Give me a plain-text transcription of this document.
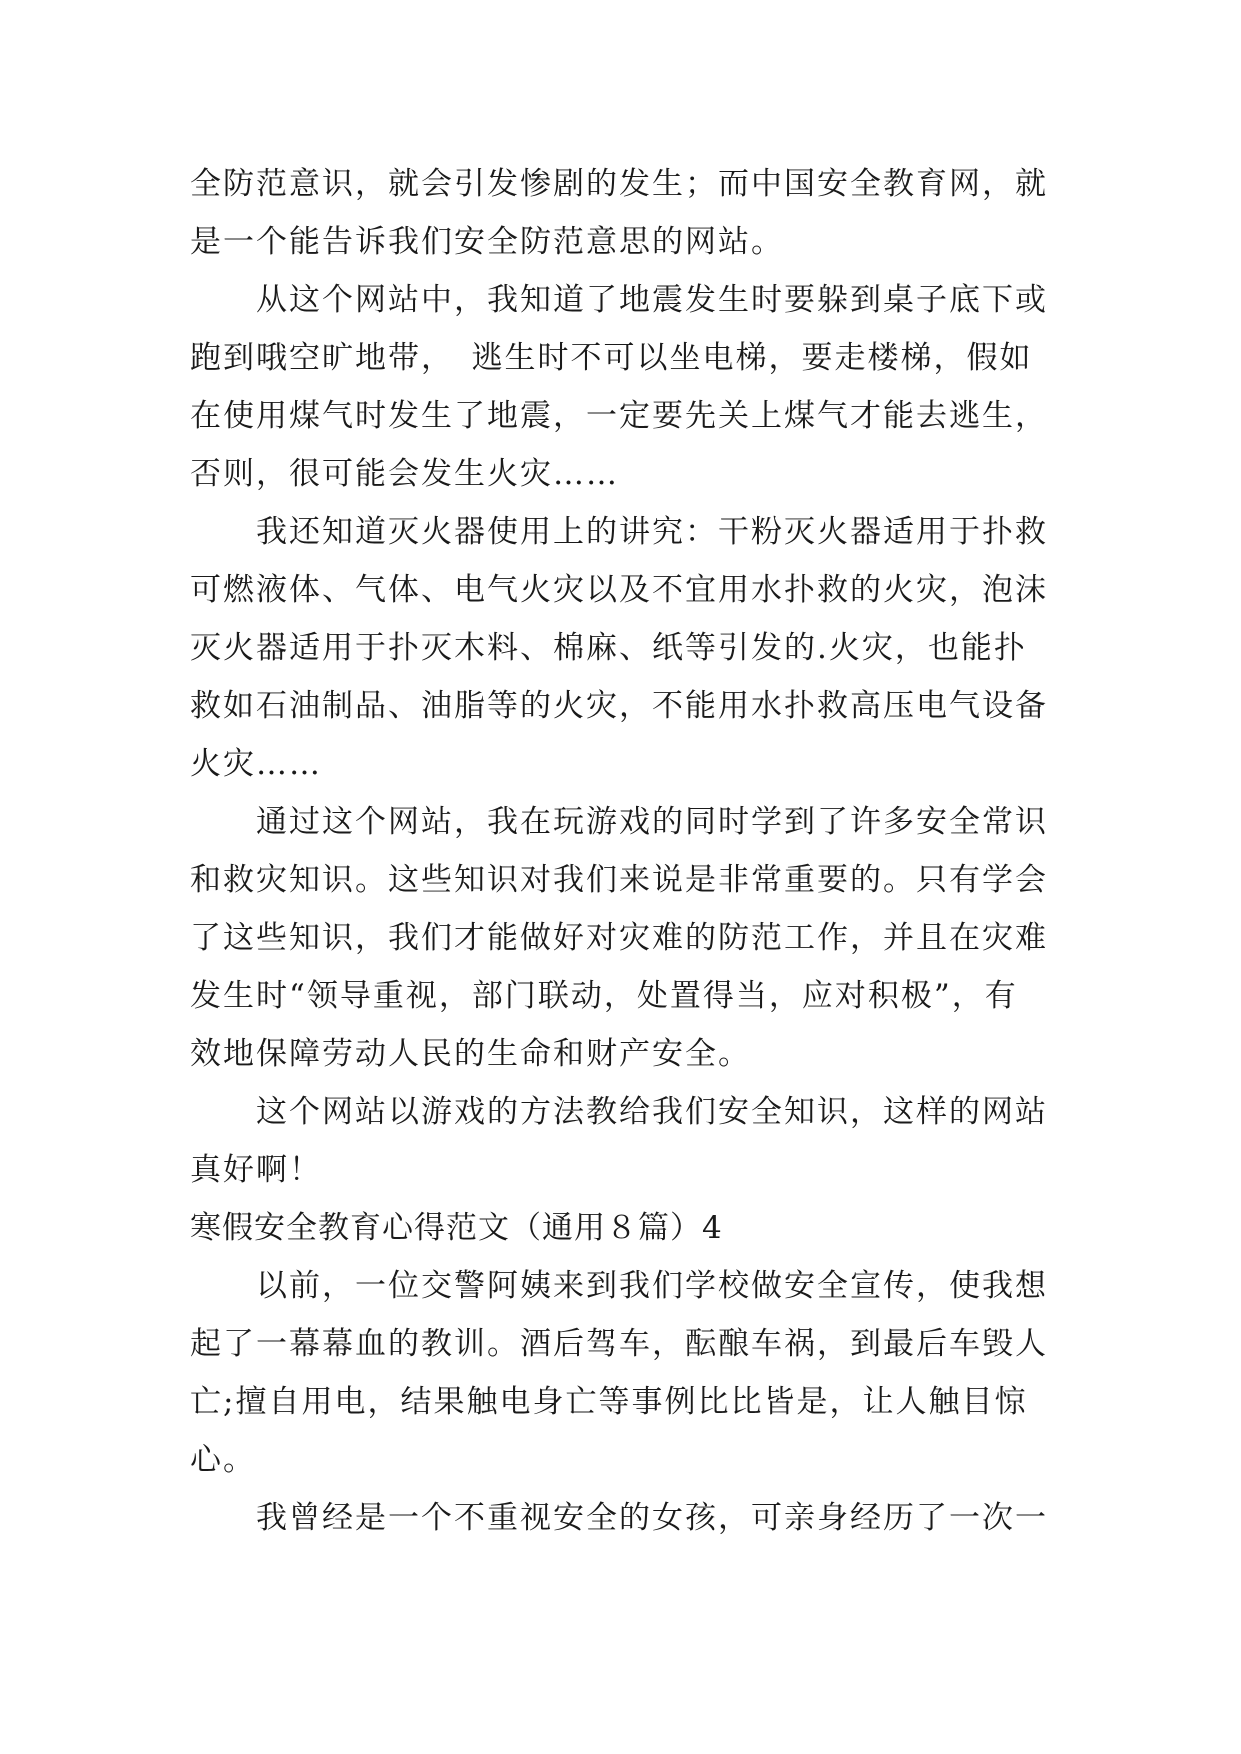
全防范意识，就会引发惨剧的发生；而中国安全教育网，就
是一个能告诉我们安全防范意思的网站。
　　从这个网站中，我知道了地震发生时要躲到桌子底下或
跑到哦空旷地带，　逃生时不可以坐电梯，要走楼梯，假如
在使用煤气时发生了地震，一定要先关上煤气才能去逃生，
否则，很可能会发生火灾……
　　我还知道灭火器使用上的讲究：干粉灭火器适用于扑救
可燃液体、气体、电气火灾以及不宜用水扑救的火灾，泡沫
灭火器适用于扑灭木料、棉麻、纸等引发的.火灾，也能扑
救如石油制品、油脂等的火灾，不能用水扑救高压电气设备
火灾……
　　通过这个网站，我在玩游戏的同时学到了许多安全常识
和救灾知识。这些知识对我们来说是非常重要的。只有学会
了这些知识，我们才能做好对灾难的防范工作，并且在灾难
发生时“领导重视，部门联动，处置得当，应对积极”，有
效地保障劳动人民的生命和财产安全。
　　这个网站以游戏的方法教给我们安全知识，这样的网站
真好啊！
寒假安全教育心得范文（通用８篇）4
　　以前，一位交警阿姨来到我们学校做安全宣传，使我想
起了一幕幕血的教训。酒后驾车，酝酿车祸，到最后车毁人
亡;擅自用电，结果触电身亡等事例比比皆是，让人触目惊
心。
　　我曾经是一个不重视安全的女孩，可亲身经历了一次一
